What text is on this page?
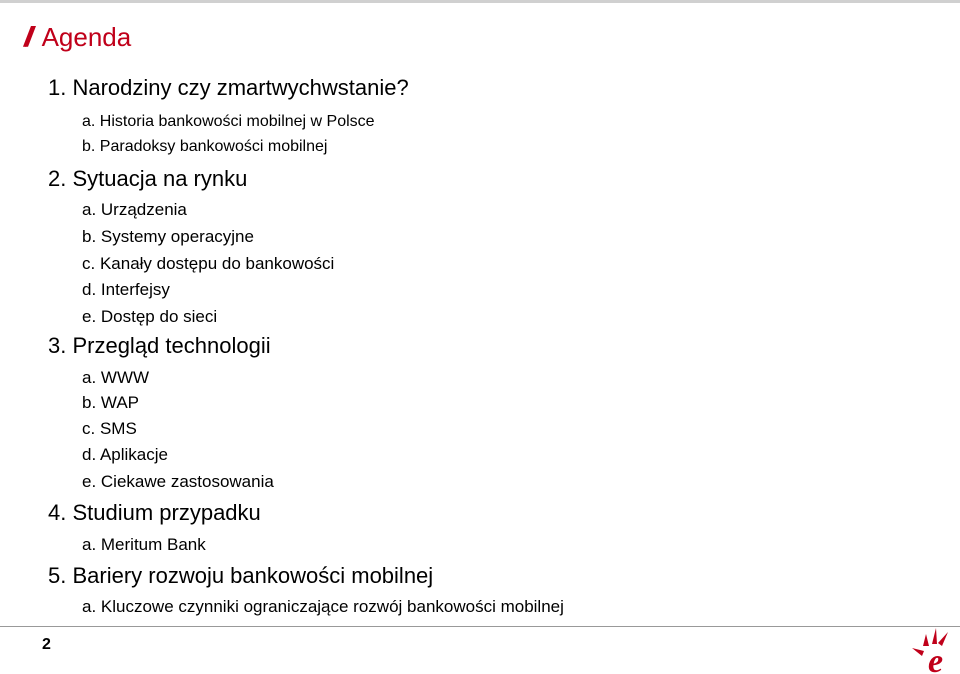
// Agenda
1. Narodziny czy zmartwychwstanie?
a. Historia bankowości mobilnej w Polsce
b. Paradoksy bankowości mobilnej
2. Sytuacja na rynku
a. Urządzenia
b. Systemy operacyjne
c. Kanały dostępu do bankowości
d. Interfejsy
e. Dostęp do sieci
3. Przegląd technologii
a. WWW
b. WAP
c. SMS
d. Aplikacje
e. Ciekawe zastosowania
4. Studium przypadku
a. Meritum Bank
5. Bariery rozwoju bankowości mobilnej
a. Kluczowe czynniki ograniczające rozwój bankowości mobilnej
2	e
